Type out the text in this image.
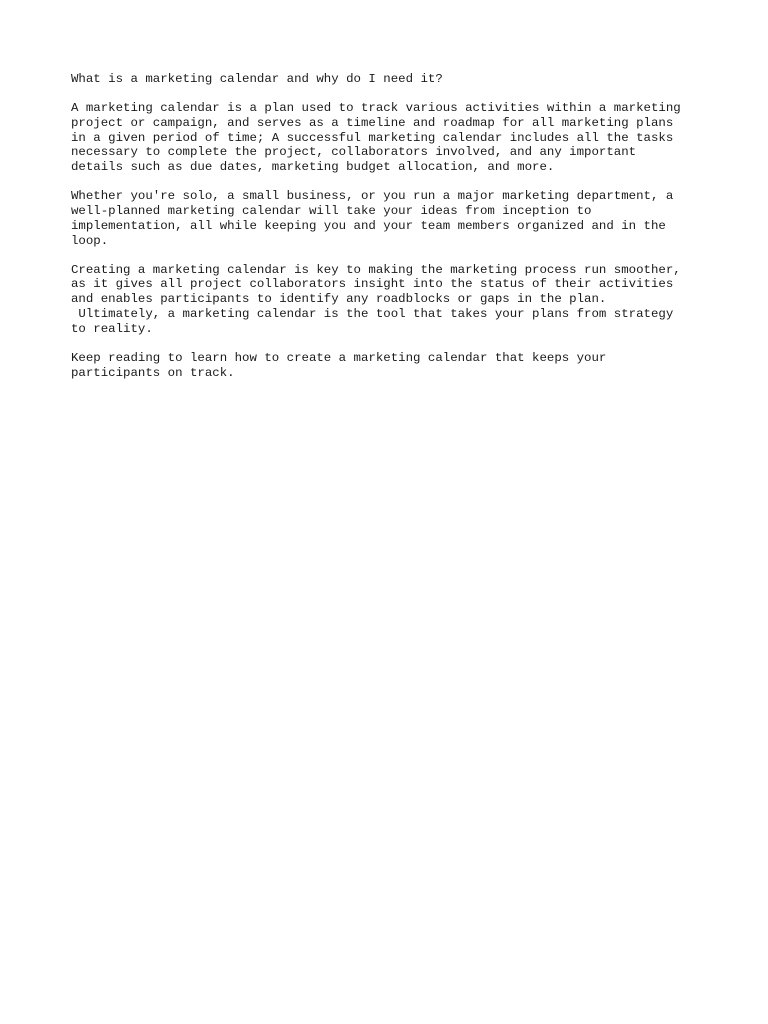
What is a marketing calendar and why do I need it?

A marketing calendar is a plan used to track various activities within a marketing
project or campaign, and serves as a timeline and roadmap for all marketing plans
in a given period of time; A successful marketing calendar includes all the tasks
necessary to complete the project, collaborators involved, and any important
details such as due dates, marketing budget allocation, and more.

Whether you're solo, a small business, or you run a major marketing department, a
well-planned marketing calendar will take your ideas from inception to
implementation, all while keeping you and your team members organized and in the
loop.

Creating a marketing calendar is key to making the marketing process run smoother,
as it gives all project collaborators insight into the status of their activities
and enables participants to identify any roadblocks or gaps in the plan.
Ultimately, a marketing calendar is the tool that takes your plans from strategy
to reality.

Keep reading to learn how to create a marketing calendar that keeps your
participants on track.
